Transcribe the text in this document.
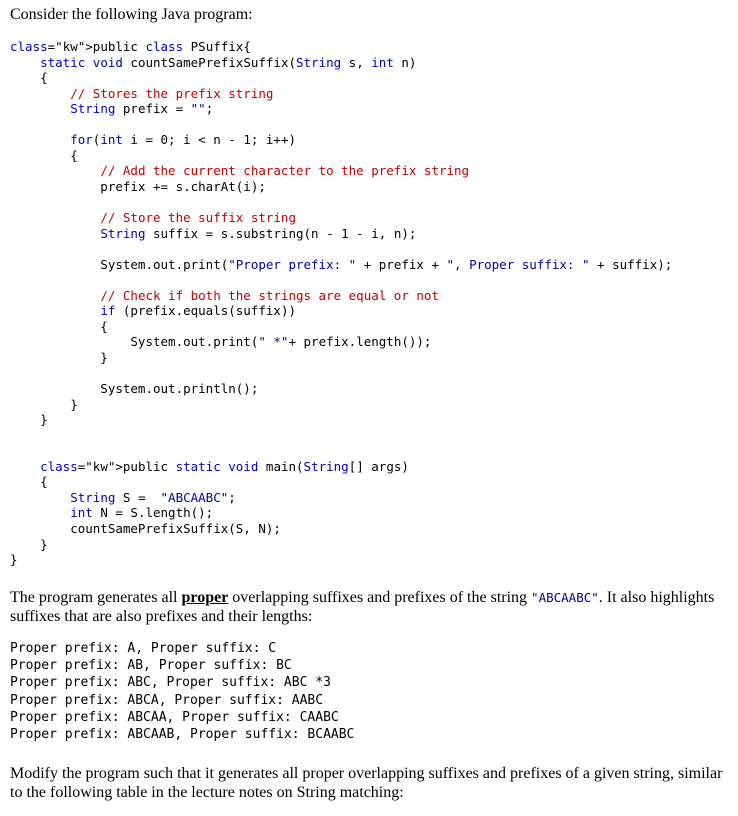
Consider the following Java program:
class="kw">public class PSuffix{
static void countSamePrefixSuffix(String s, int n)
{
// Stores the prefix string
String prefix = "";
for(int i = 0; i < n - 1; i++)
{
// Add the current character to the prefix string
prefix += s.charAt(i);
// Store the suffix string
String suffix = s.substring(n - 1 - i, n);
System.out.print("Proper prefix: " + prefix + ", Proper suffix: " + suffix);
// Check if both the strings are equal or not
if (prefix.equals(suffix))
{
System.out.print(" *"+ prefix.length());
}
System.out.println();
}
}
class="kw">public static void main(String[] args)
{
String S =  "ABCAABC";
int N = S.length();
countSamePrefixSuffix(S, N);
}
}
The program generates all proper overlapping suffixes and prefixes of the string "ABCAABC". It also highlights suffixes that are also prefixes and their lengths:
Proper prefix: A, Proper suffix: C
Proper prefix: AB, Proper suffix: BC
Proper prefix: ABC, Proper suffix: ABC *3
Proper prefix: ABCA, Proper suffix: AABC
Proper prefix: ABCAA, Proper suffix: CAABC
Proper prefix: ABCAAB, Proper suffix: BCAABC
Modify the program such that it generates all proper overlapping suffixes and prefixes of a given string, similar to the following table in the lecture notes on String matching:
